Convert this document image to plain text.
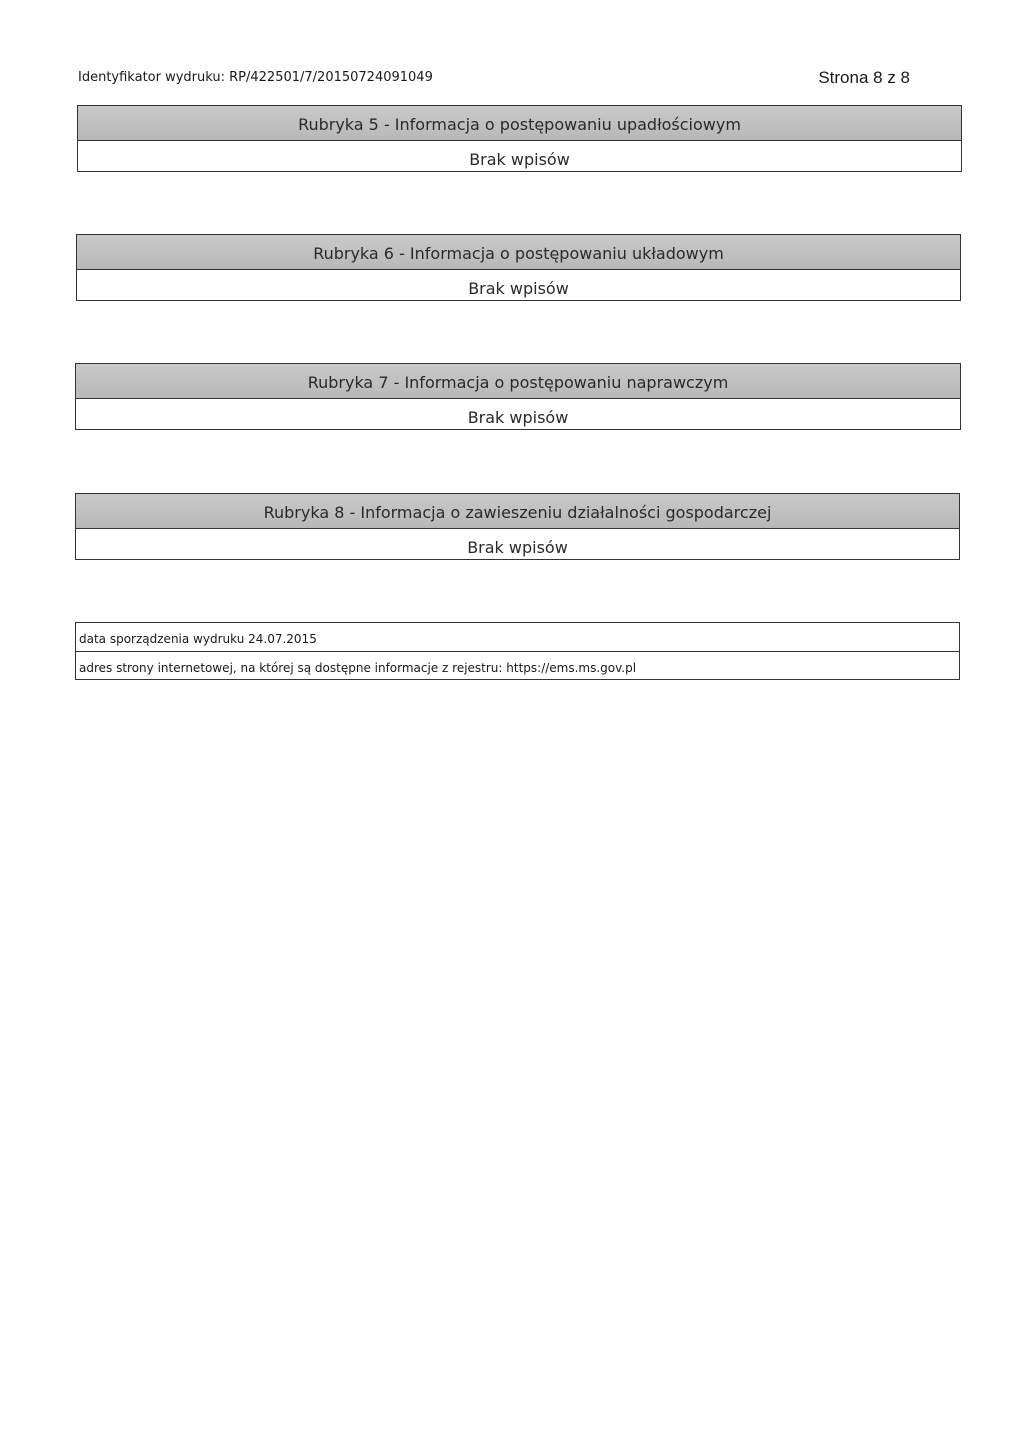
Identyfikator wydruku: RP/422501/7/20150724091049	Strona 8 z 8
Rubryka 5 - Informacja o postępowaniu upadłościowym
Brak wpisów
Rubryka 6 - Informacja o postępowaniu układowym
Brak wpisów
Rubryka 7 - Informacja o postępowaniu naprawczym
Brak wpisów
Rubryka 8 - Informacja o zawieszeniu działalności gospodarczej
Brak wpisów
data sporządzenia wydruku 24.07.2015
adres strony internetowej, na której są dostępne informacje z rejestru: https://ems.ms.gov.pl
